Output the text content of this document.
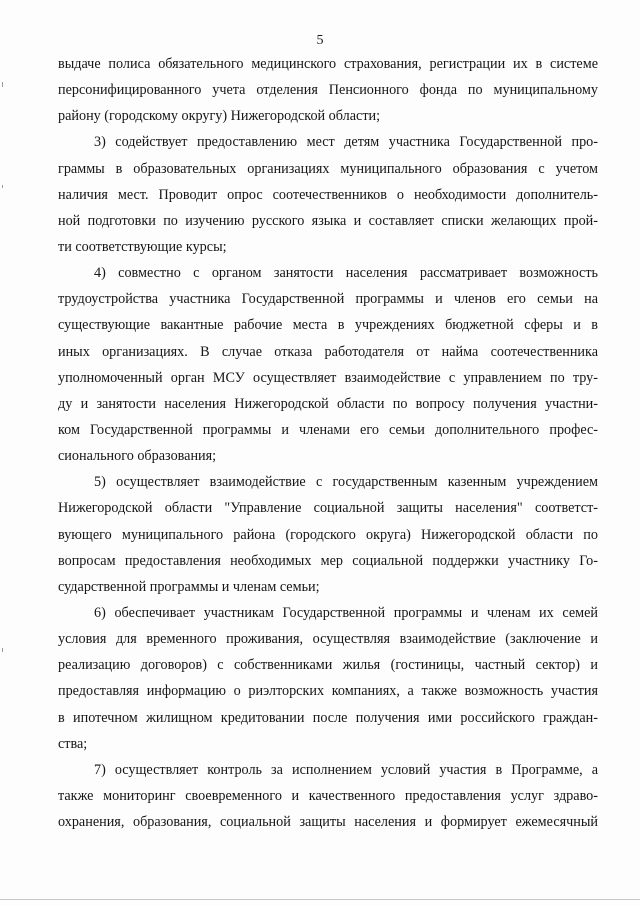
5
выдаче полиса обязательного медицинского страхования, регистрации их в системе
персонифицированного учета отделения Пенсионного фонда по муниципальному
району (городскому округу) Нижегородской области;
3) содействует предоставлению мест детям участника Государственной про-
граммы в образовательных организациях муниципального образования с учетом
наличия мест. Проводит опрос соотечественников о необходимости дополнитель-
ной подготовки по изучению русского языка и составляет списки желающих прой-
ти соответствующие курсы;
4) совместно с органом занятости населения рассматривает возможность
трудоустройства участника Государственной программы и членов его семьи на
существующие вакантные рабочие места в учреждениях бюджетной сферы и в
иных организациях. В случае отказа работодателя от найма соотечественника
уполномоченный орган МСУ осуществляет взаимодействие с управлением по тру-
ду и занятости населения Нижегородской области по вопросу получения участни-
ком Государственной программы и членами его семьи дополнительного профес-
сионального образования;
5) осуществляет взаимодействие с государственным казенным учреждением
Нижегородской области "Управление социальной защиты населения" соответст-
вующего муниципального района (городского округа) Нижегородской области по
вопросам предоставления необходимых мер социальной поддержки участнику Го-
сударственной программы и членам семьи;
6) обеспечивает участникам Государственной программы и членам их семей
условия для временного проживания, осуществляя взаимодействие (заключение и
реализацию договоров) с собственниками жилья (гостиницы, частный сектор) и
предоставляя информацию о риэлторских компаниях, а также возможность участия
в ипотечном жилищном кредитовании после получения ими российского граждан-
ства;
7) осуществляет контроль за исполнением условий участия в Программе, а
также мониторинг своевременного и качественного предоставления услуг здраво-
охранения, образования, социальной защиты населения и формирует ежемесячный
